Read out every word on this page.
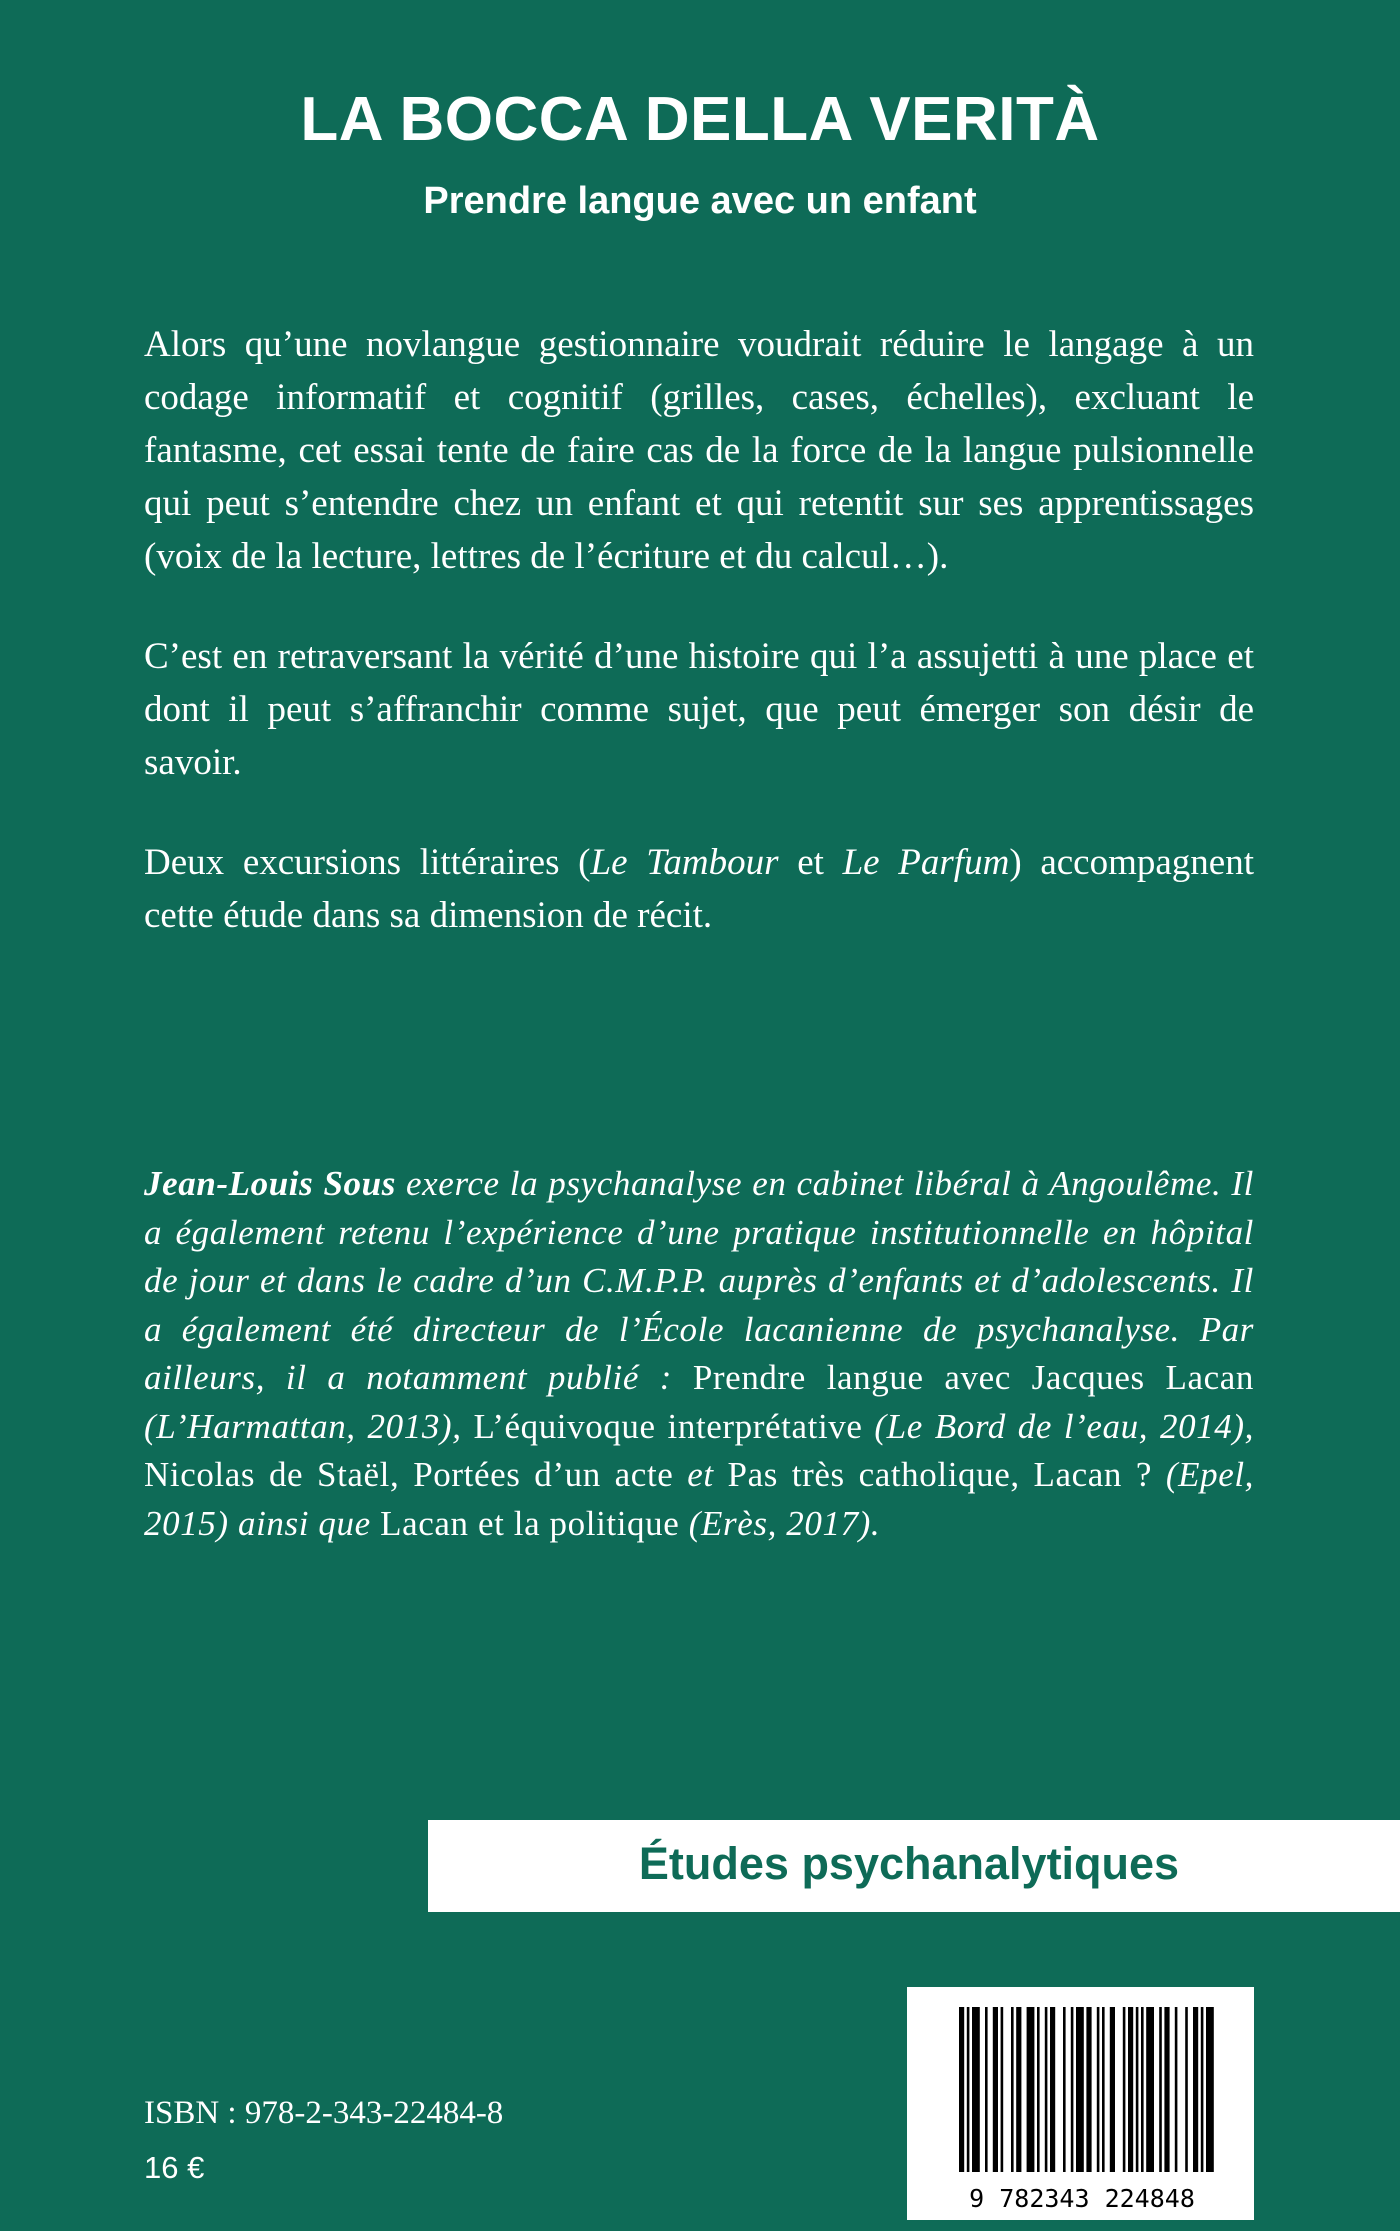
LA BOCCA DELLA VERITÀ
Prendre langue avec un enfant

Alors qu’une novlangue gestionnaire voudrait réduire le langage à un codage informatif et cognitif (grilles, cases, échelles), excluant le fantasme, cet essai tente de faire cas de la force de la langue pulsionnelle qui peut s’entendre chez un enfant et qui retentit sur ses apprentissages (voix de la lecture, lettres de l’écriture et du calcul…).

C’est en retraversant la vérité d’une histoire qui l’a assujetti à une place et dont il peut s’affranchir comme sujet, que peut émerger son désir de savoir.

Deux excursions littéraires (Le Tambour et Le Parfum) accompagnent cette étude dans sa dimension de récit.

Jean-Louis Sous exerce la psychanalyse en cabinet libéral à Angoulême. Il a également retenu l’expérience d’une pratique institutionnelle en hôpital de jour et dans le cadre d’un C.M.P.P. auprès d’enfants et d’adolescents. Il a également été directeur de l’École lacanienne de psychanalyse. Par ailleurs, il a notamment publié : Prendre langue avec Jacques Lacan (L’Harmattan, 2013), L’équivoque interprétative (Le Bord de l’eau, 2014), Nicolas de Staël, Portées d’un acte et Pas très catholique, Lacan ? (Epel, 2015) ainsi que Lacan et la politique (Erès, 2017).

Études psychanalytiques

ISBN : 978-2-343-22484-8
16 €
9 782343 224848
